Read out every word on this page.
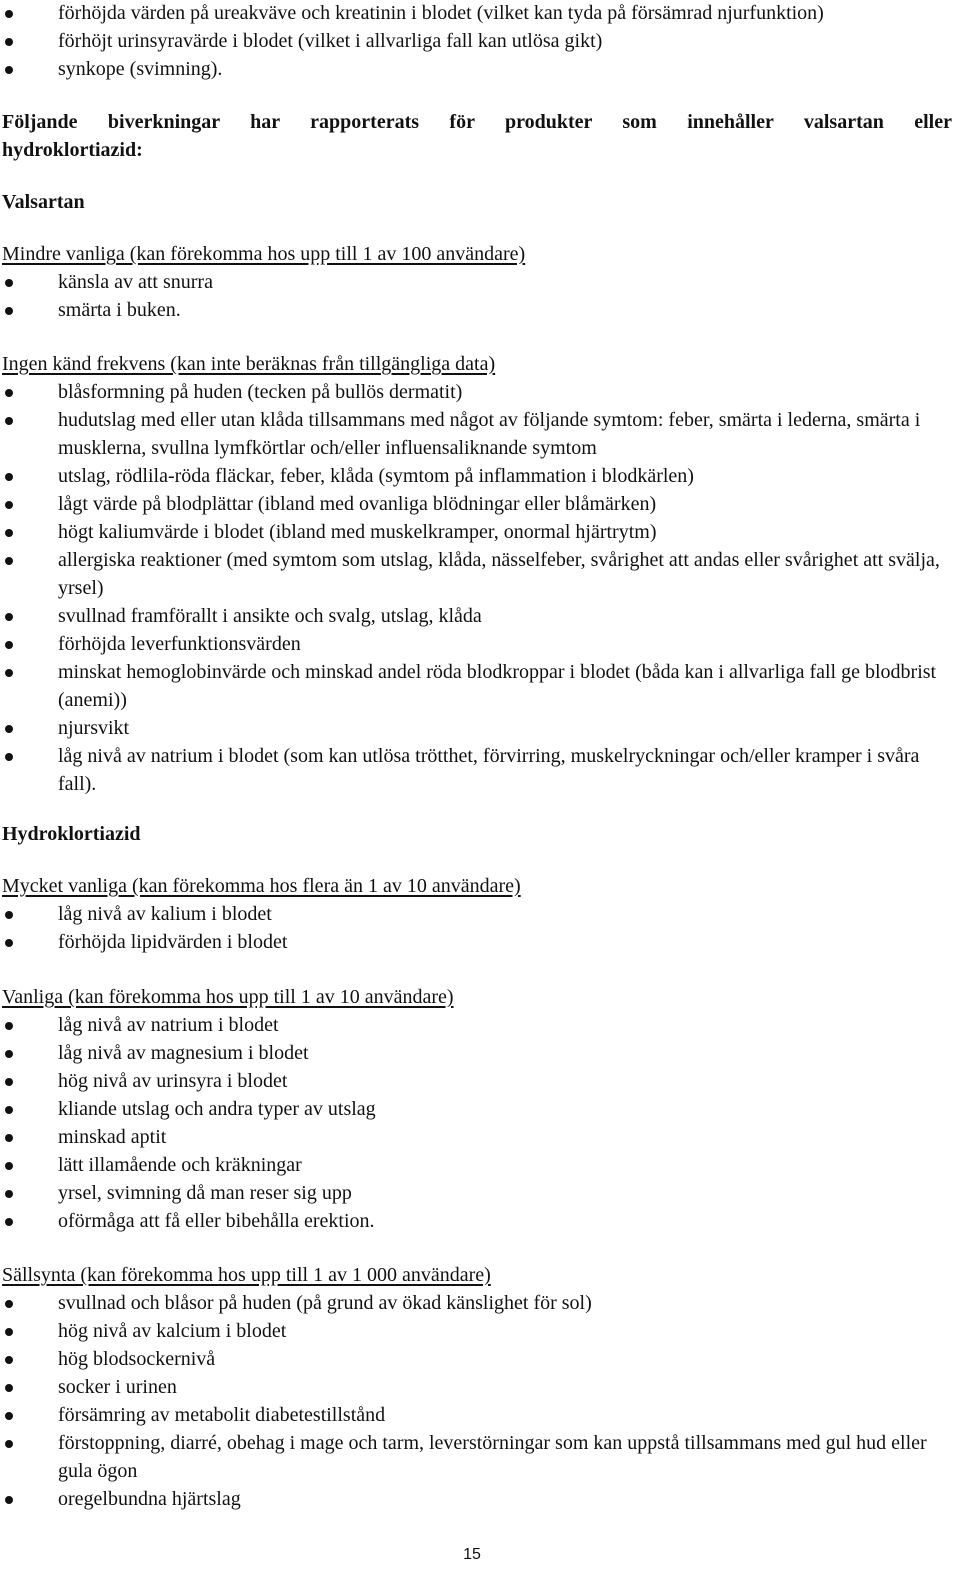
förhöjda värden på ureakväve och kreatinin i blodet (vilket kan tyda på försämrad njurfunktion)
förhöjt urinsyravärde i blodet (vilket i allvarliga fall kan utlösa gikt)
synkope (svimning).
Följande biverkningar har rapporterats för produkter som innehåller valsartan eller
hydroklortiazid:
Valsartan
Mindre vanliga (kan förekomma hos upp till 1 av 100 användare)
känsla av att snurra
smärta i buken.
Ingen känd frekvens (kan inte beräknas från tillgängliga data)
blåsformning på huden (tecken på bullös dermatit)
hudutslag med eller utan klåda tillsammans med något av följande symtom: feber, smärta i lederna, smärta i musklerna, svullna lymfkörtlar och/eller influensaliknande symtom
utslag, rödlila-röda fläckar, feber, klåda (symtom på inflammation i blodkärlen)
lågt värde på blodplättar (ibland med ovanliga blödningar eller blåmärken)
högt kaliumvärde i blodet (ibland med muskelkramper, onormal hjärtrytm)
allergiska reaktioner (med symtom som utslag, klåda, nässelfeber, svårighet att andas eller svårighet att svälja, yrsel)
svullnad framförallt i ansikte och svalg, utslag, klåda
förhöjda leverfunktionsvärden
minskat hemoglobinvärde och minskad andel röda blodkroppar i blodet (båda kan i allvarliga fall ge blodbrist (anemi))
njursvikt
låg nivå av natrium i blodet (som kan utlösa trötthet, förvirring, muskelryckningar och/eller kramper i svåra fall).
Hydroklortiazid
Mycket vanliga (kan förekomma hos flera än 1 av 10 användare)
låg nivå av kalium i blodet
förhöjda lipidvärden i blodet
Vanliga (kan förekomma hos upp till 1 av 10 användare)
låg nivå av natrium i blodet
låg nivå av magnesium i blodet
hög nivå av urinsyra i blodet
kliande utslag och andra typer av utslag
minskad aptit
lätt illamående och kräkningar
yrsel, svimning då man reser sig upp
oförmåga att få eller bibehålla erektion.
Sällsynta (kan förekomma hos upp till 1 av 1 000 användare)
svullnad och blåsor på huden (på grund av ökad känslighet för sol)
hög nivå av kalcium i blodet
hög blodsockernivå
socker i urinen
försämring av metabolit diabetestillstånd
förstoppning, diarré, obehag i mage och tarm, leverstörningar som kan uppstå tillsammans med gul hud eller gula ögon
oregelbundna hjärtslag
15
